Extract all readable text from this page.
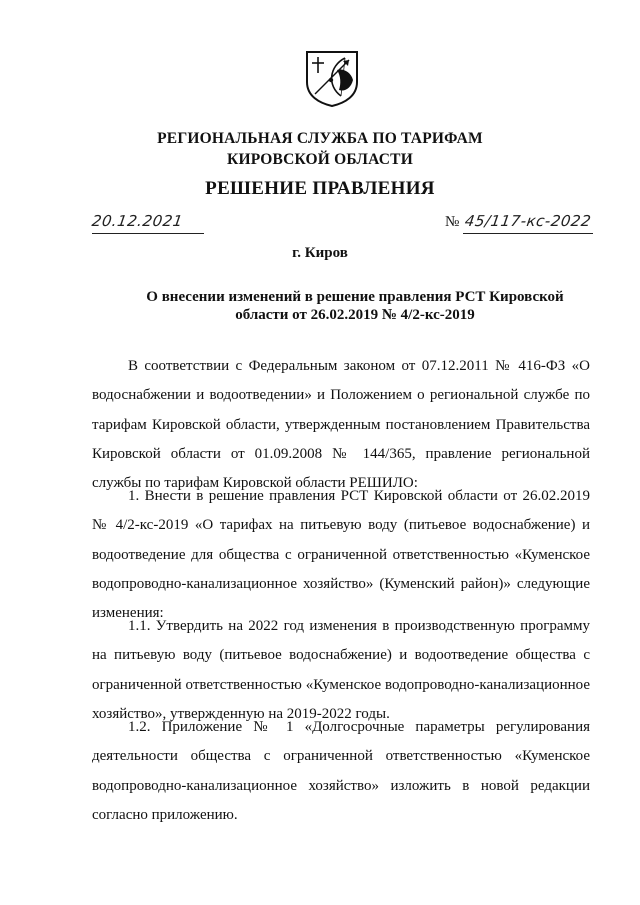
РЕГИОНАЛЬНАЯ СЛУЖБА ПО ТАРИФАМ
КИРОВСКОЙ ОБЛАСТИ
РЕШЕНИЕ ПРАВЛЕНИЯ
20.12.2021	№ 45/117-кс-2022
г. Киров
О внесении изменений в решение правления РСТ Кировской
области от 26.02.2019 № 4/2-кс-2019
В соответствии с Федеральным законом от 07.12.2011 № 416-ФЗ «О
водоснабжении и водоотведении» и Положением о региональной службе по
тарифам Кировской области, утвержденным постановлением Правительства
Кировской области от 01.09.2008 № 144/365, правление региональной
службы по тарифам Кировской области РЕШИЛО:
1. Внести в решение правления РСТ Кировской области от 26.02.2019
№ 4/2-кс-2019 «О тарифах на питьевую воду (питьевое водоснабжение) и
водоотведение для общества с ограниченной ответственностью «Куменское
водопроводно-канализационное хозяйство» (Куменский район)» следующие
изменения:
1.1. Утвердить на 2022 год изменения в производственную программу
на питьевую воду (питьевое водоснабжение) и водоотведение общества с
ограниченной ответственностью «Куменское водопроводно-канализационное
хозяйство», утвержденную на 2019-2022 годы.
1.2. Приложение № 1 «Долгосрочные параметры регулирования
деятельности общества с ограниченной ответственностью «Куменское
водопроводно-канализационное хозяйство» изложить в новой редакции
согласно приложению.
